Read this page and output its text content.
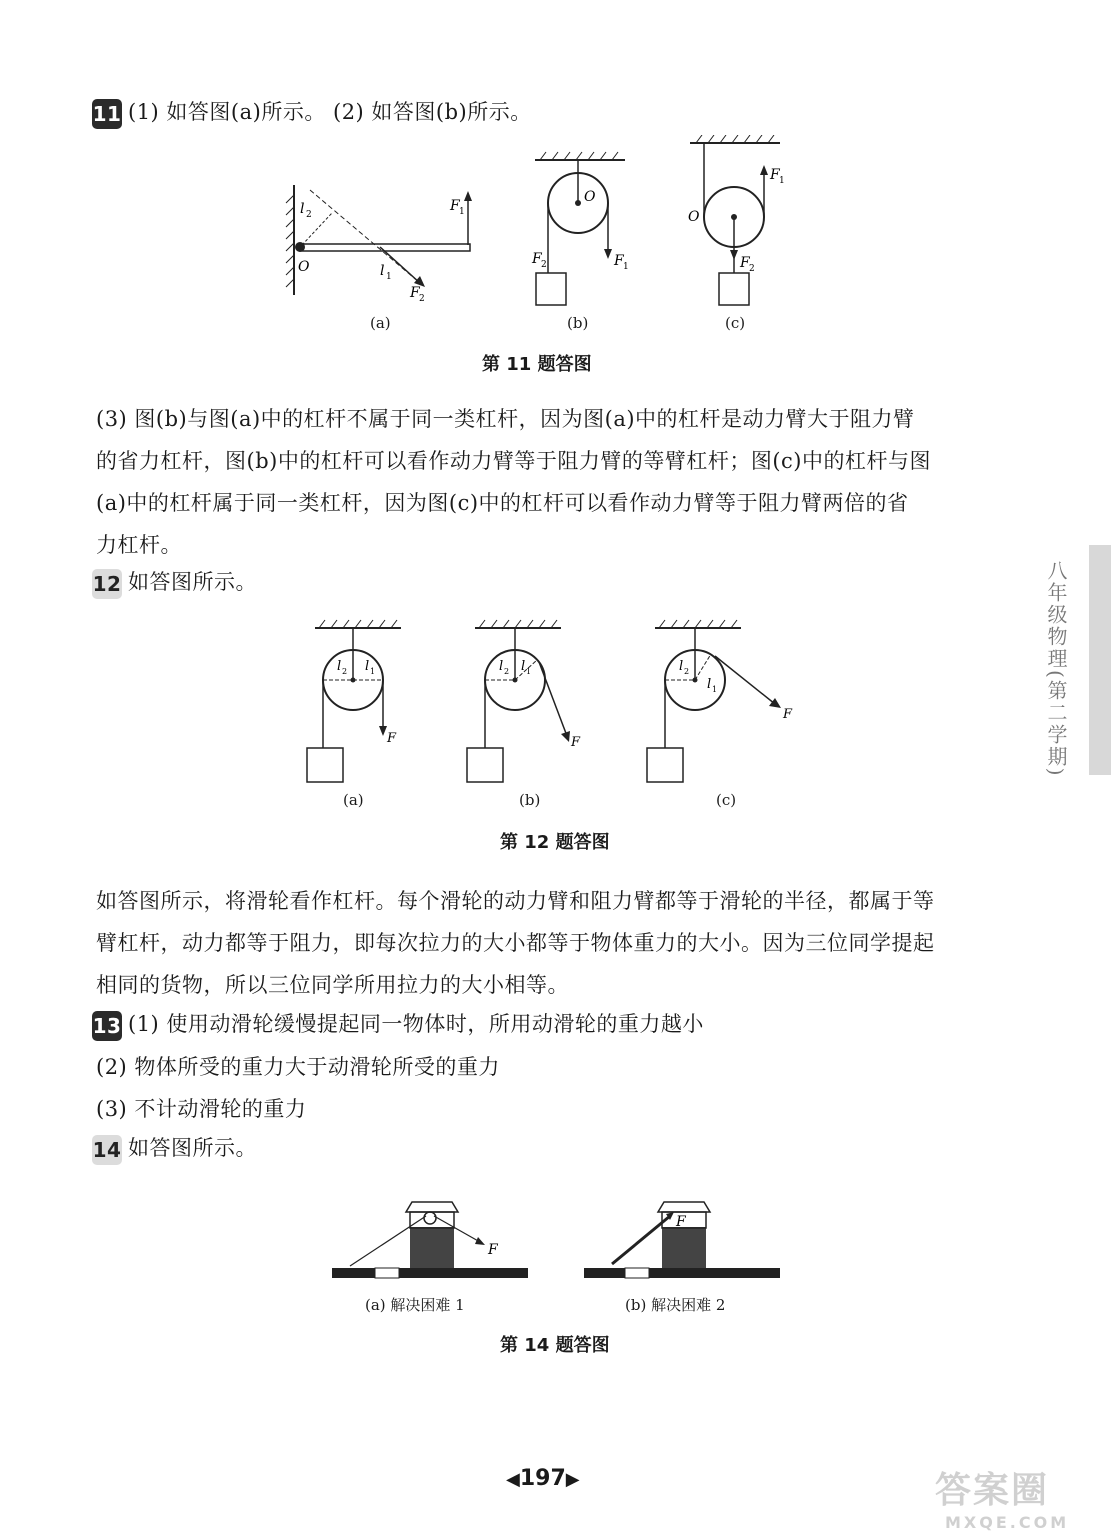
11 (1) 如答图(a)所示。 (2) 如答图(b)所示。
l 2
l 1
F 1
F 2
O
O
F 2	F 1
F 1
O
F 2
(a)	(b)	(c)
第 11 题答图
(3) 图(b)与图(a)中的杠杆不属于同一类杠杆，因为图(a)中的杠杆是动力臂大于阻力臂
的省力杠杆，图(b)中的杠杆可以看作动力臂等于阻力臂的等臂杠杆；图(c)中的杠杆与图
(a)中的杠杆属于同一类杠杆，因为图(c)中的杠杆可以看作动力臂等于阻力臂两倍的省
力杠杆。
12 如答图所示。
l 2 l 1
F
l 2 l 1
F
l 2
l 1
F
(a)	(b)	(c)
第 12 题答图
如答图所示，将滑轮看作杠杆。每个滑轮的动力臂和阻力臂都等于滑轮的半径，都属于等
臂杠杆，动力都等于阻力，即每次拉力的大小都等于物体重力的大小。因为三位同学提起
相同的货物，所以三位同学所用拉力的大小相等。
13 (1) 使用动滑轮缓慢提起同一物体时，所用动滑轮的重力越小
(2) 物体所受的重力大于动滑轮所受的重力
(3) 不计动滑轮的重力
14 如答图所示。
F
F
(a) 解决困难 1	(b) 解决困难 2
第 14 题答图
八年级物理(第二学期)
◀197▶	答案圈
MXQE.COM
